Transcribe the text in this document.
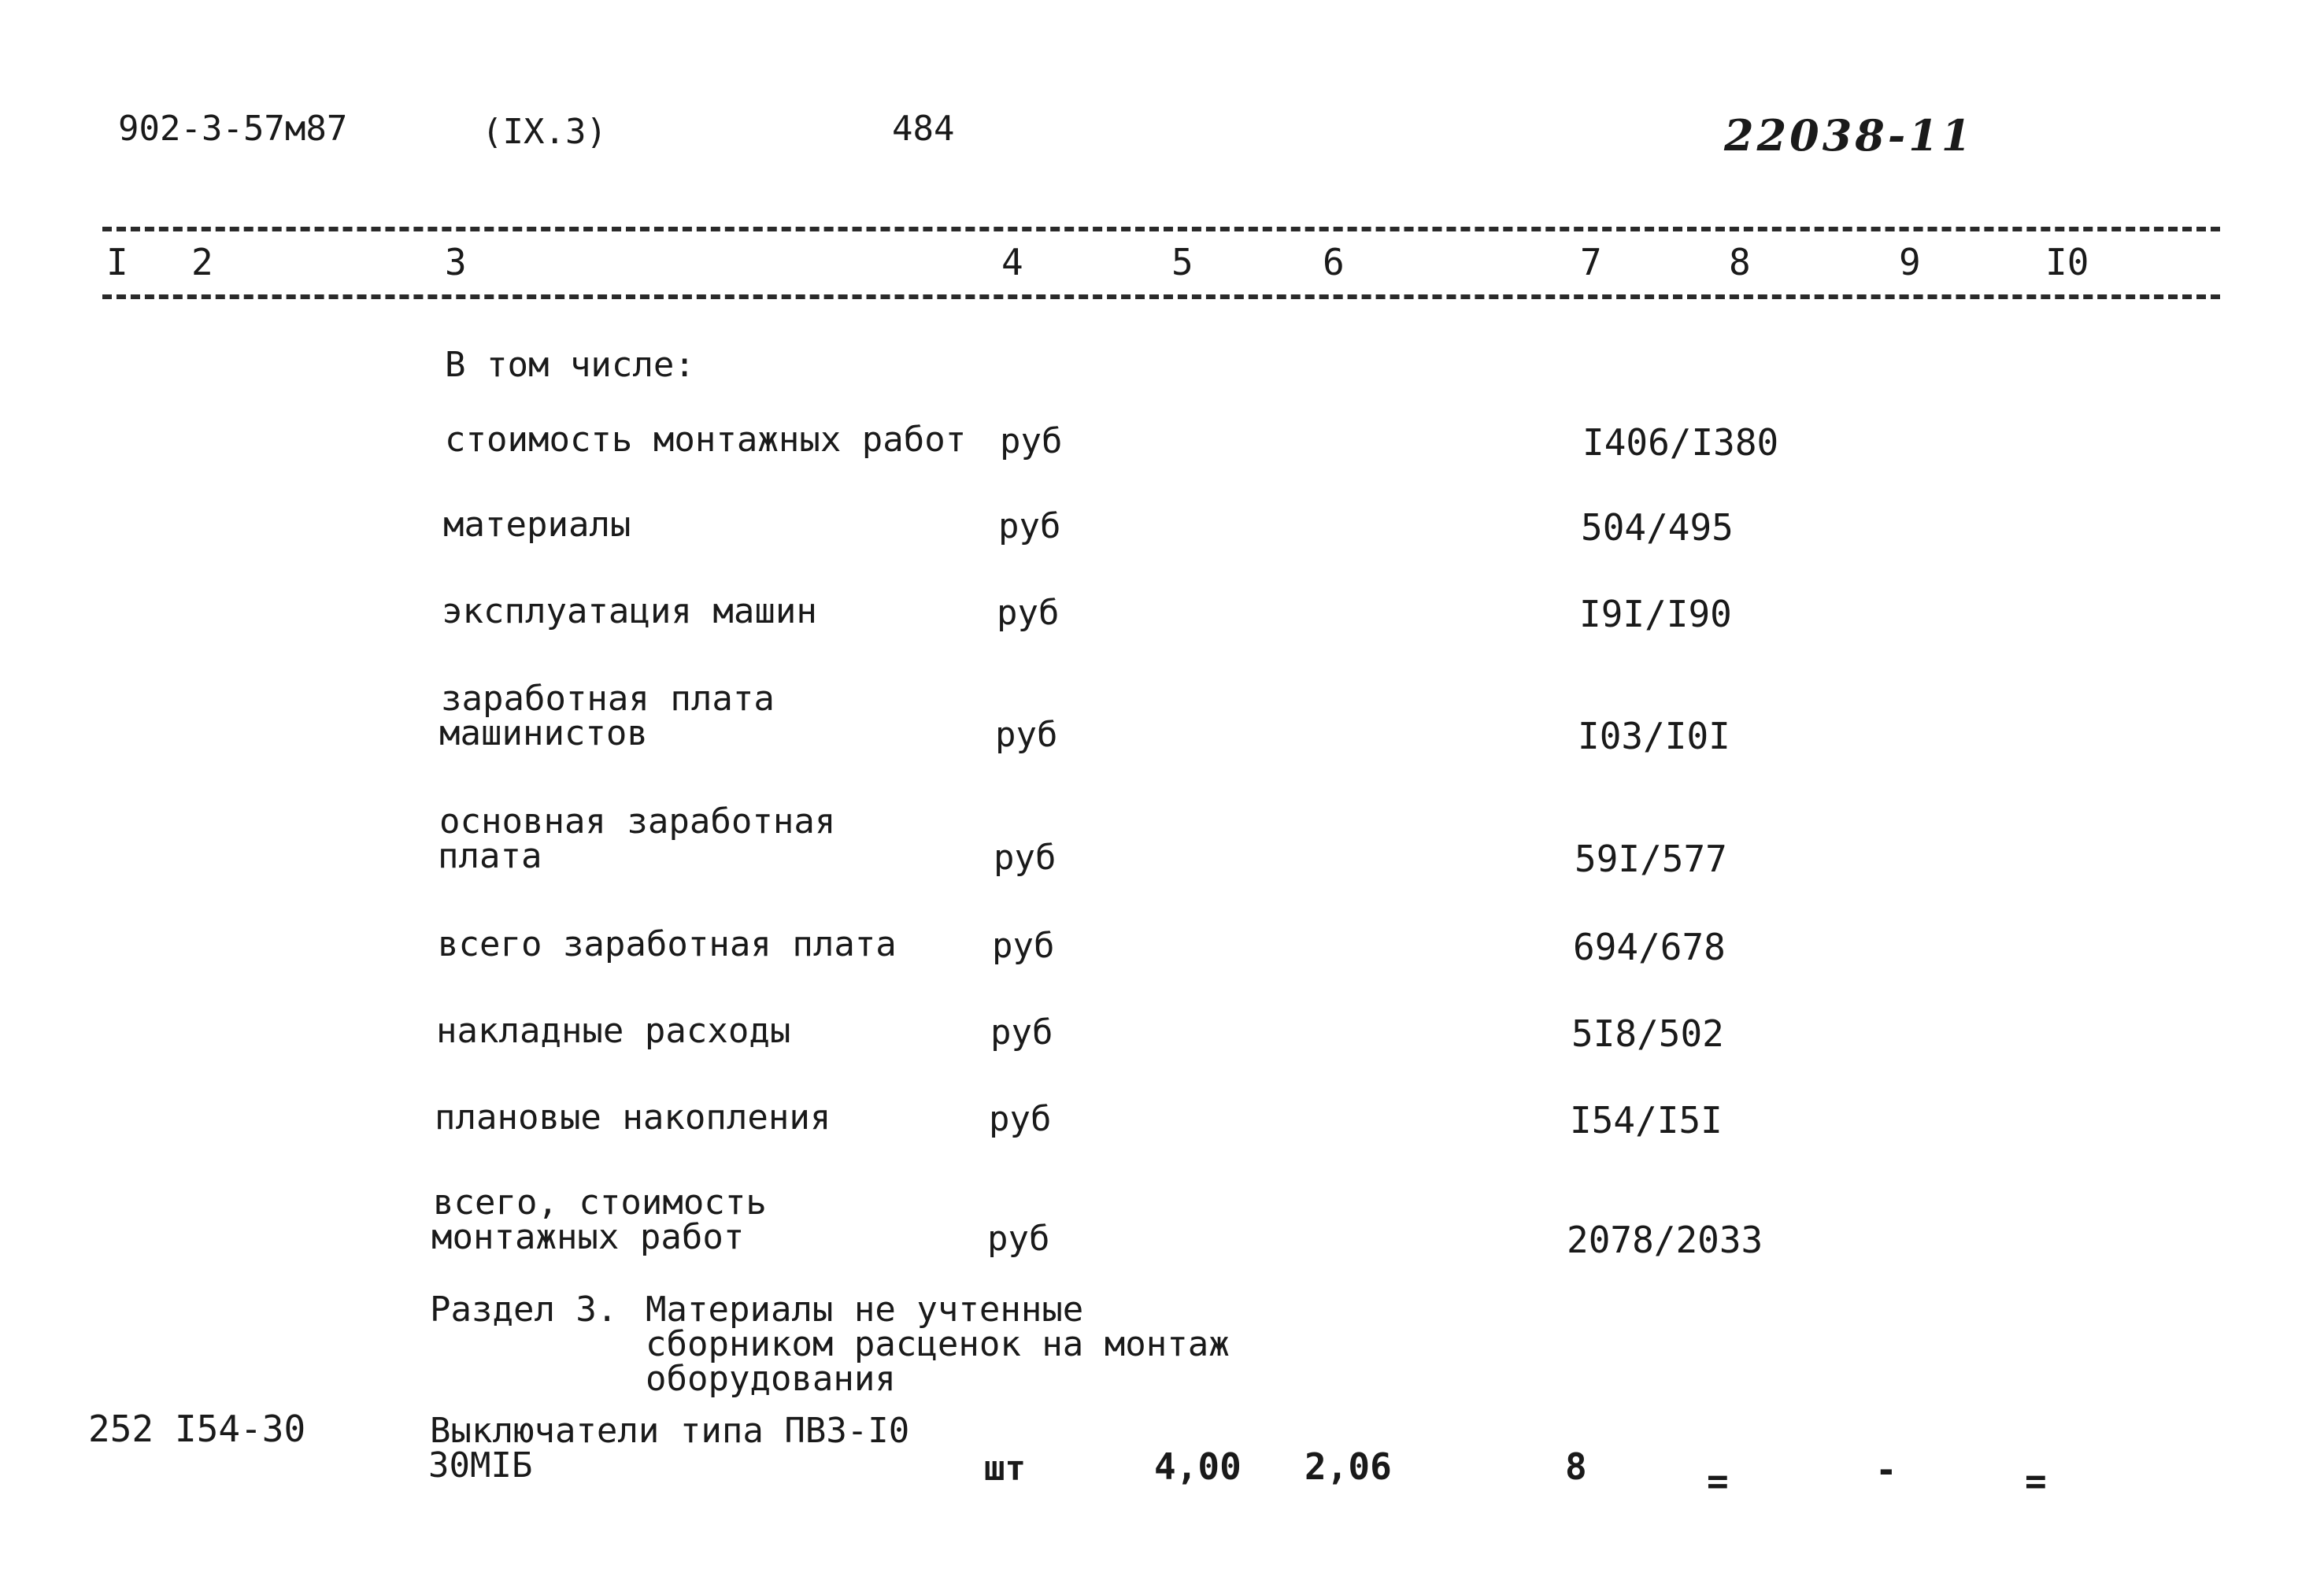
902-3-57м87	(IX.3)	484	22038-11
I 2	3	4	5	6	7	8	9	I0
В том числе:
стоимость монтажных работ руб	I406/I380
материалы	руб	504/495
эксплуатация машин	руб	I9I/I90
заработная плата
машинистов	руб	I03/I0I
основная заработная
плата	руб	59I/577
всего заработная плата	руб	694/678
накладные расходы	руб	5I8/502
плановые накопления	руб	I54/I5I
всего, стоимость
монтажных работ	руб	2078/2033
Раздел 3. Материалы не учтенные
сборником расценок на монтаж
оборудования
252 I54-30	Выключатели типа ПВЗ-I0
30МIБ	шт	4,00 2,06	8	=	-	=
